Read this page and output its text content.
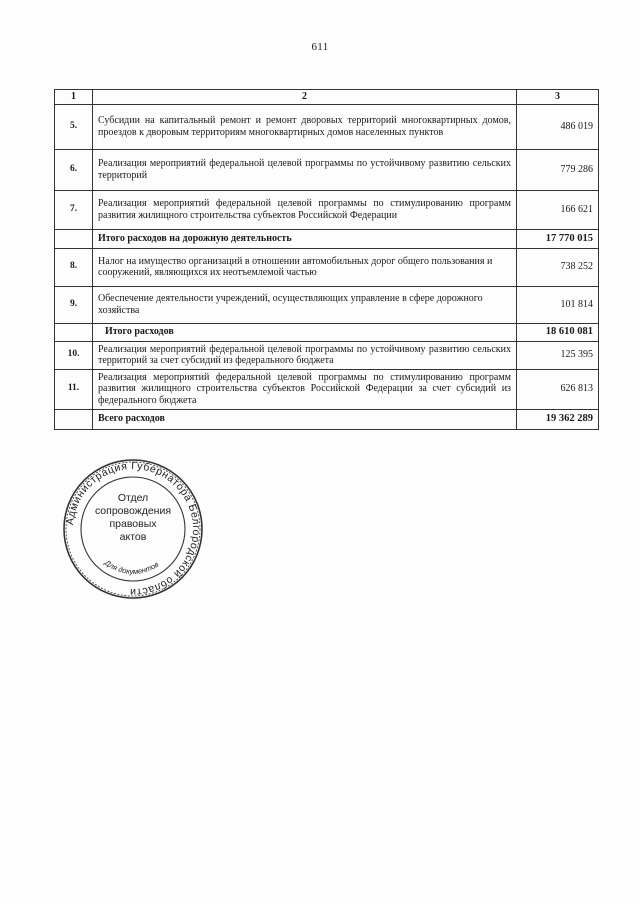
611
1	2	3
5.	Субсидии на капитальный ремонт и ремонт дворовых территорий многоквартирных домов, проездов к дворовым территориям многоквартирных домов населенных пунктов	486 019
6.	Реализация мероприятий федеральной целевой программы по устойчивому развитию сельских территорий	779 286
7.	Реализация мероприятий федеральной целевой программы по стимулированию программ развития жилищного строительства субъектов Российской Федерации	166 621
	Итого расходов на дорожную деятельность	17 770 015
8.	Налог на имущество организаций в отношении автомобильных дорог общего пользования и сооружений, являющихся их неотъемлемой частью	738 252
9.	Обеспечение деятельности учреждений, осуществляющих управление в сфере дорожного хозяйства	101 814
	Итого расходов	18 610 081
10.	Реализация мероприятий федеральной целевой программы по устойчивому развитию сельских территорий за счет субсидий из федерального бюджета	125 395
11.	Реализация мероприятий федеральной целевой программы по стимулированию программ развития жилищного строительства субъектов Российской Федерации за счет субсидий из федерального бюджета	626 813
	Всего расходов	19 362 289
Администрация Губернатора Белгородской области
Для документов
Отдел
сопровождения
правовых
актов
